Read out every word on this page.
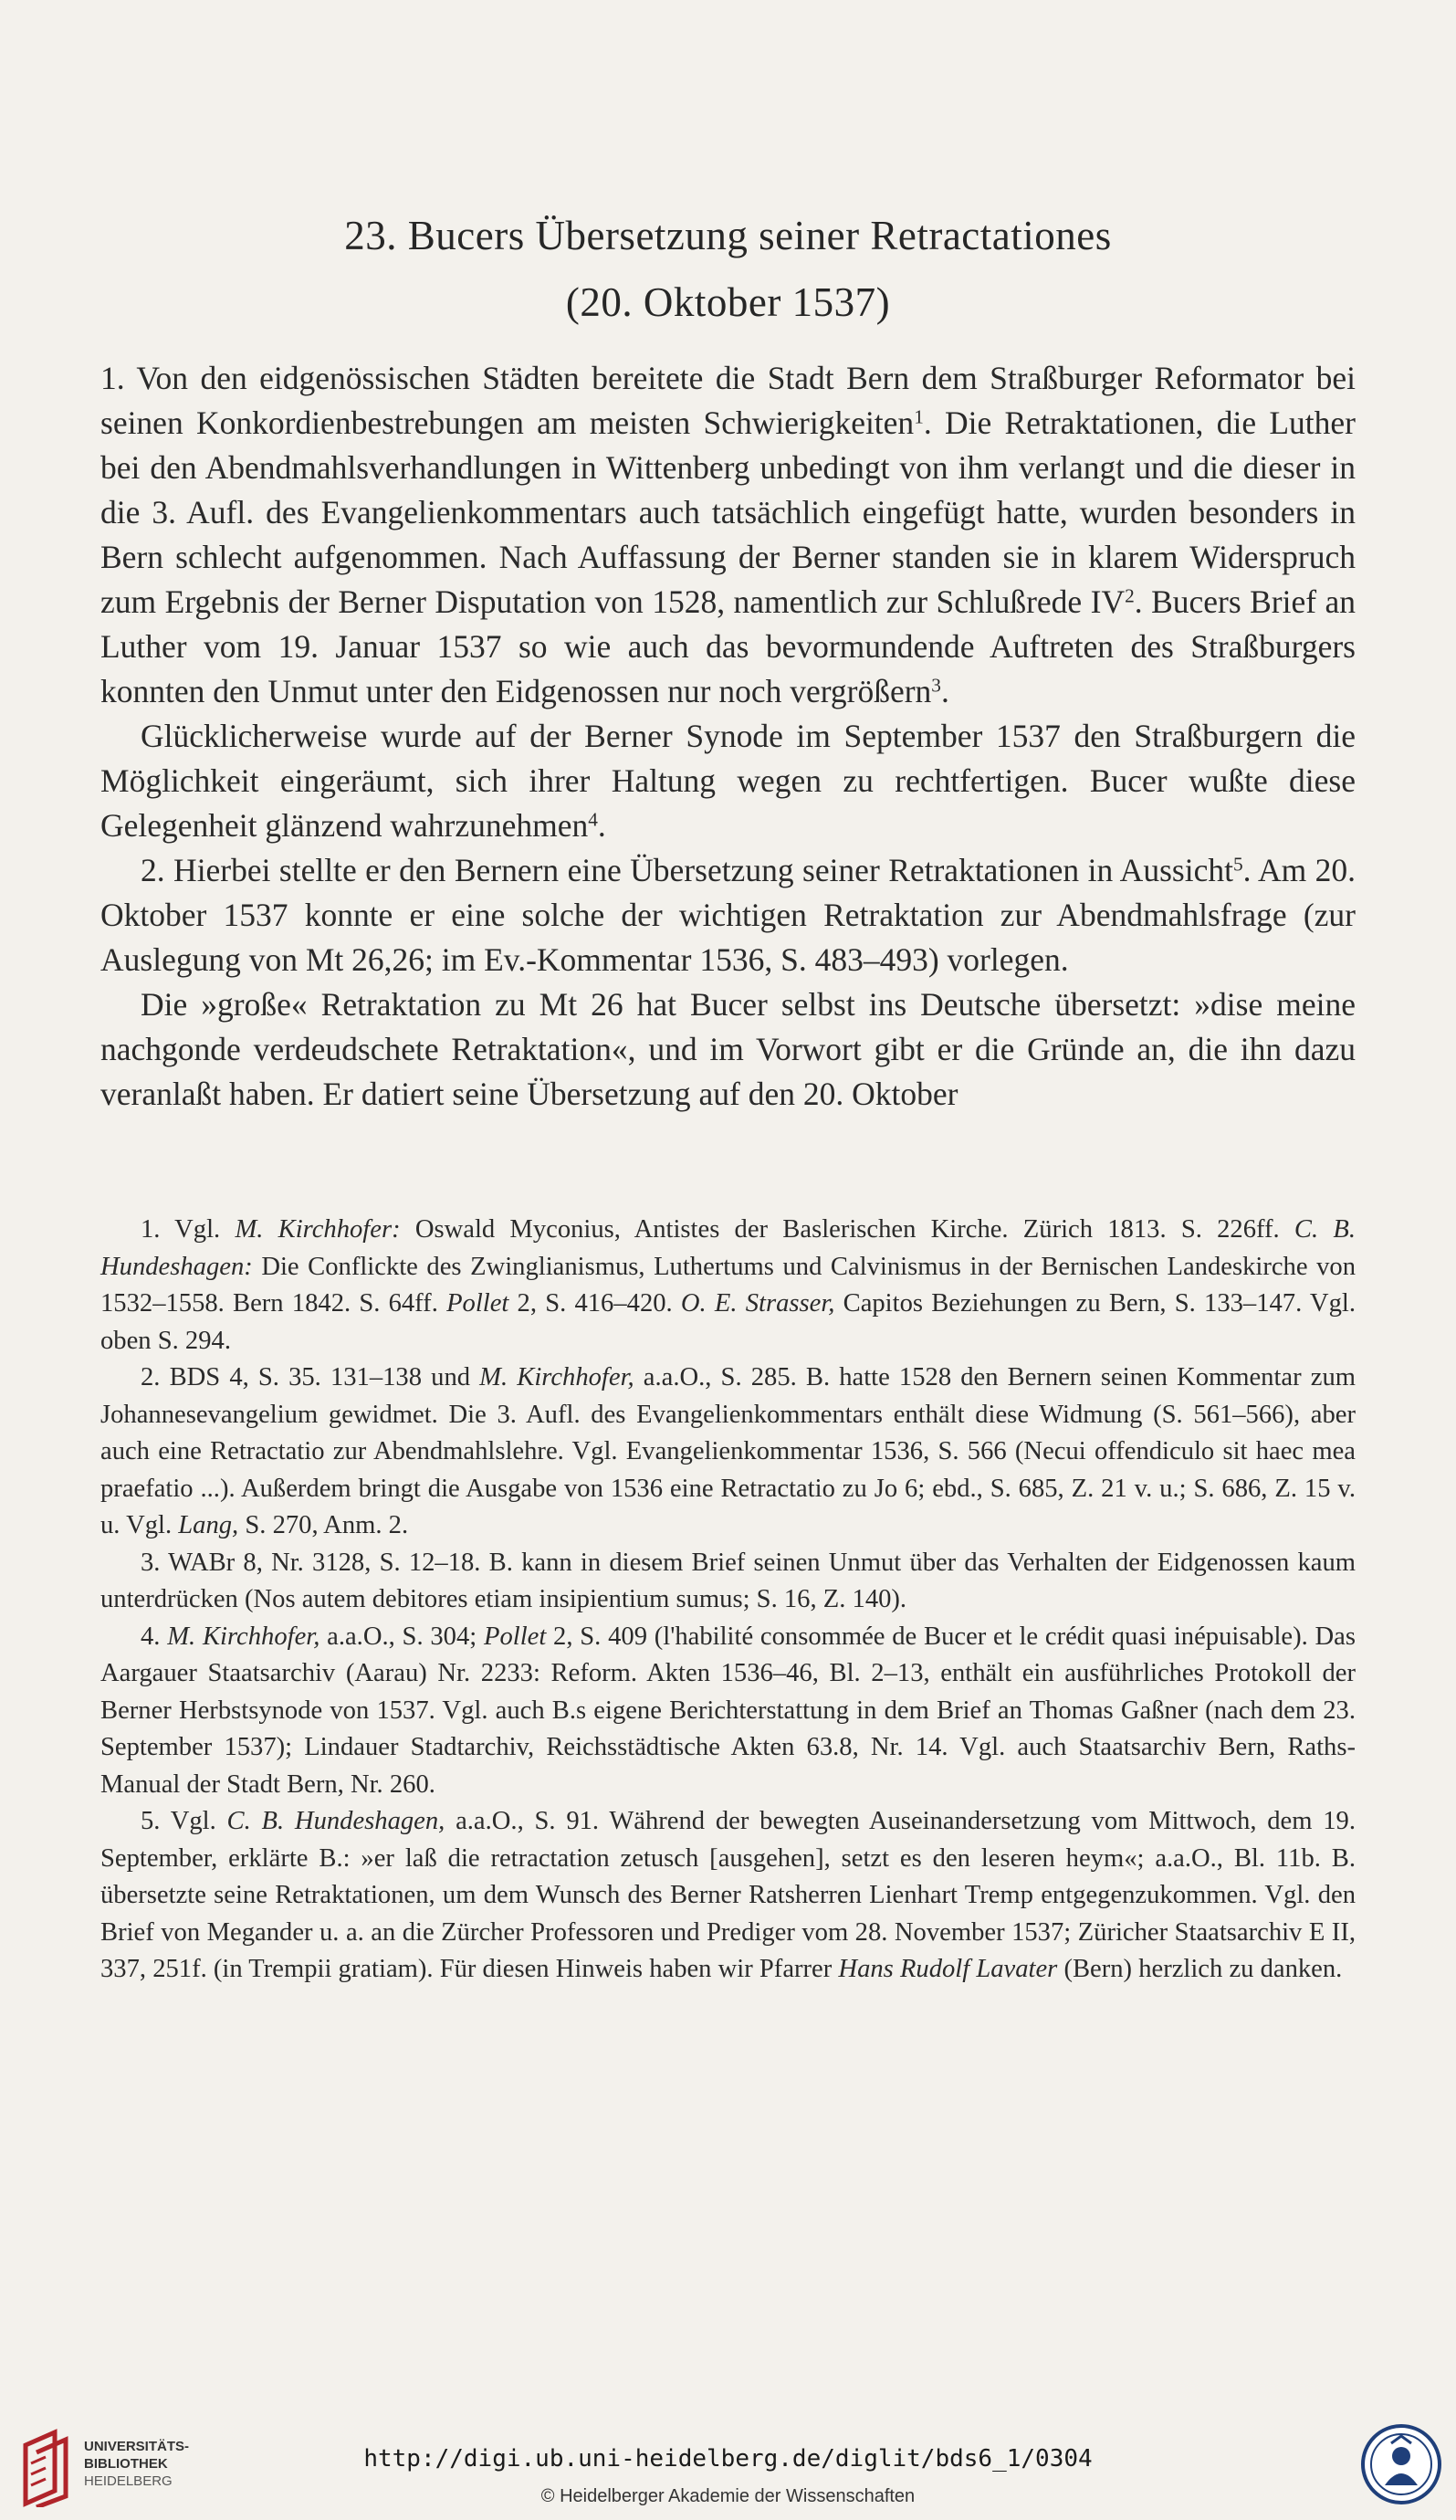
23. Bucers Übersetzung seiner Retractationes
(20. Oktober 1537)

1. Von den eidgenössischen Städten bereitete die Stadt Bern dem Straßburger Reformator bei seinen Konkordienbestrebungen am meisten Schwierigkeiten$^1$. Die Retraktationen, die Luther bei den Abendmahlsverhandlungen in Wittenberg unbedingt von ihm verlangt und die dieser in die 3. Aufl. des Evangelienkommentars auch tatsächlich eingefügt hatte, wurden besonders in Bern schlecht aufgenommen. Nach Auffassung der Berner standen sie in klarem Widerspruch zum Ergebnis der Berner Disputation von 1528, namentlich zur Schlußrede $IV^2$. Bucers Brief an Luther vom 19. Januar 1537 so wie auch das bevormundende Auftreten des Straßburgers konnten den Unmut unter den Eidgenossen nur noch vergrößern$^3$.

Glücklicherweise wurde auf der Berner Synode im September 1537 den Straßburgern die Möglichkeit eingeräumt, sich ihrer Haltung wegen zu rechtfertigen. Bucer wußte diese Gelegenheit glänzend wahrzunehmen$^4$.

2. Hierbei stellte er den Bernern eine Übersetzung seiner Retraktationen in Aussicht$^5$. Am 20. Oktober 1537 konnte er eine solche der wichtigen Retraktation zur Abendmahlsfrage (zur Auslegung von Mt 26,26; im Ev.-Kommentar 1536, S. 483–493) vorlegen.

Die »große« Retraktation zu Mt 26 hat Bucer selbst ins Deutsche übersetzt: »dise meine nachgonde verdeudschete Retraktation«, und im Vorwort gibt er die Gründe an, die ihn dazu veranlaßt haben. Er datiert seine Übersetzung auf den 20. Oktober

1. Vgl. M. Kirchhofer: Oswald Myconius, Antistes der Baslerischen Kirche. Zürich 1813. S. 226ff. C. B. Hundeshagen: Die Conflickte des Zwinglianismus, Luthertums und Calvinismus in der Bernischen Landeskirche von 1532–1558. Bern 1842. S. 64ff. Pollet 2, S. 416–420. O. E. Strasser, Capitos Beziehungen zu Bern, S. 133–147. Vgl. oben S. 294.

2. BDS 4, S. 35. 131–138 und M. Kirchhofer, a.a.O., S. 285. B. hatte 1528 den Bernern seinen Kommentar zum Johannesevangelium gewidmet. Die 3. Aufl. des Evangelienkommentars enthält diese Widmung (S. 561–566), aber auch eine Retractatio zur Abendmahlslehre. Vgl. Evangelienkommentar 1536, S. 566 (Necui offendiculo sit haec mea praefatio ...). Außerdem bringt die Ausgabe von 1536 eine Retractatio zu Jo 6; ebd., S. 685, Z. 21 v. u.; S. 686, Z. 15 v. u. Vgl. Lang, S. 270, Anm. 2.

3. WABr 8, Nr. 3128, S. 12–18. B. kann in diesem Brief seinen Unmut über das Verhalten der Eidgenossen kaum unterdrücken (Nos autem debitores etiam insipientium sumus; S. 16, Z. 140).

4. M. Kirchhofer, a.a.O., S. 304; Pollet 2, S. 409 (l'habilité consommée de Bucer et le crédit quasi inépuisable). Das Aargauer Staatsarchiv (Aarau) Nr. 2233: Reform. Akten 1536–46, Bl. 2–13, enthält ein ausführliches Protokoll der Berner Herbstsynode von 1537. Vgl. auch B.s eigene Berichterstattung in dem Brief an Thomas Gaßner (nach dem 23. September 1537); Lindauer Stadtarchiv, Reichsstädtische Akten 63.8, Nr. 14. Vgl. auch Staatsarchiv Bern, Raths-Manual der Stadt Bern, Nr. 260.

5. Vgl. C. B. Hundeshagen, a.a.O., S. 91. Während der bewegten Auseinandersetzung vom Mittwoch, dem 19. September, erklärte B.: »er laß die retractation zetusch [ausgehen], setzt es den leseren heym«; a.a.O., Bl. 11b. B. übersetzte seine Retraktationen, um dem Wunsch des Berner Ratsherren Lienhart Tremp entgegenzukommen. Vgl. den Brief von Megander u. a. an die Zürcher Professoren und Prediger vom 28. November 1537; Züricher Staatsarchiv E II, 337, 251f. (in Trempii gratiam). Für diesen Hinweis haben wir Pfarrer Hans Rudolf Lavater (Bern) herzlich zu danken.

UNIVERSITÄTS-
BIBLIOTHEK
HEIDELBERG
http://digi.ub.uni-heidelberg.de/diglit/bds6_1/0304
© Heidelberger Akademie der Wissenschaften
